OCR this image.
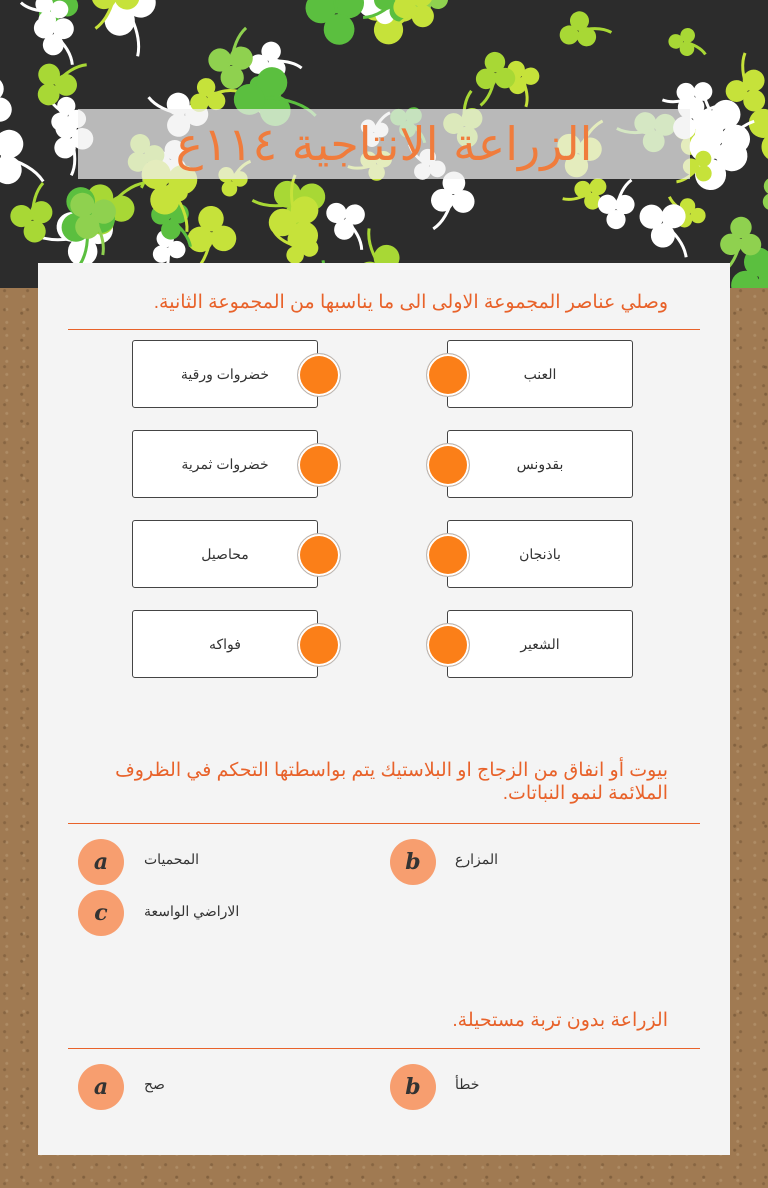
الزراعة الانتاجية ١١٤ع
وصلي عناصر المجموعة الاولى الى ما يناسبها من المجموعة الثانية.
العنب
خضروات ورقية
بقدونس
خضروات ثمرية
باذنجان
محاصيل
الشعير
فواكه
بيوت أو انفاق من الزجاج او البلاستيك يتم بواسطتها التحكم في الظروف الملائمة لنمو النباتات.
a	المحميات	b	المزارع
c	الاراضي الواسعة
الزراعة بدون تربة مستحيلة.
a	صح	b	خطأ
